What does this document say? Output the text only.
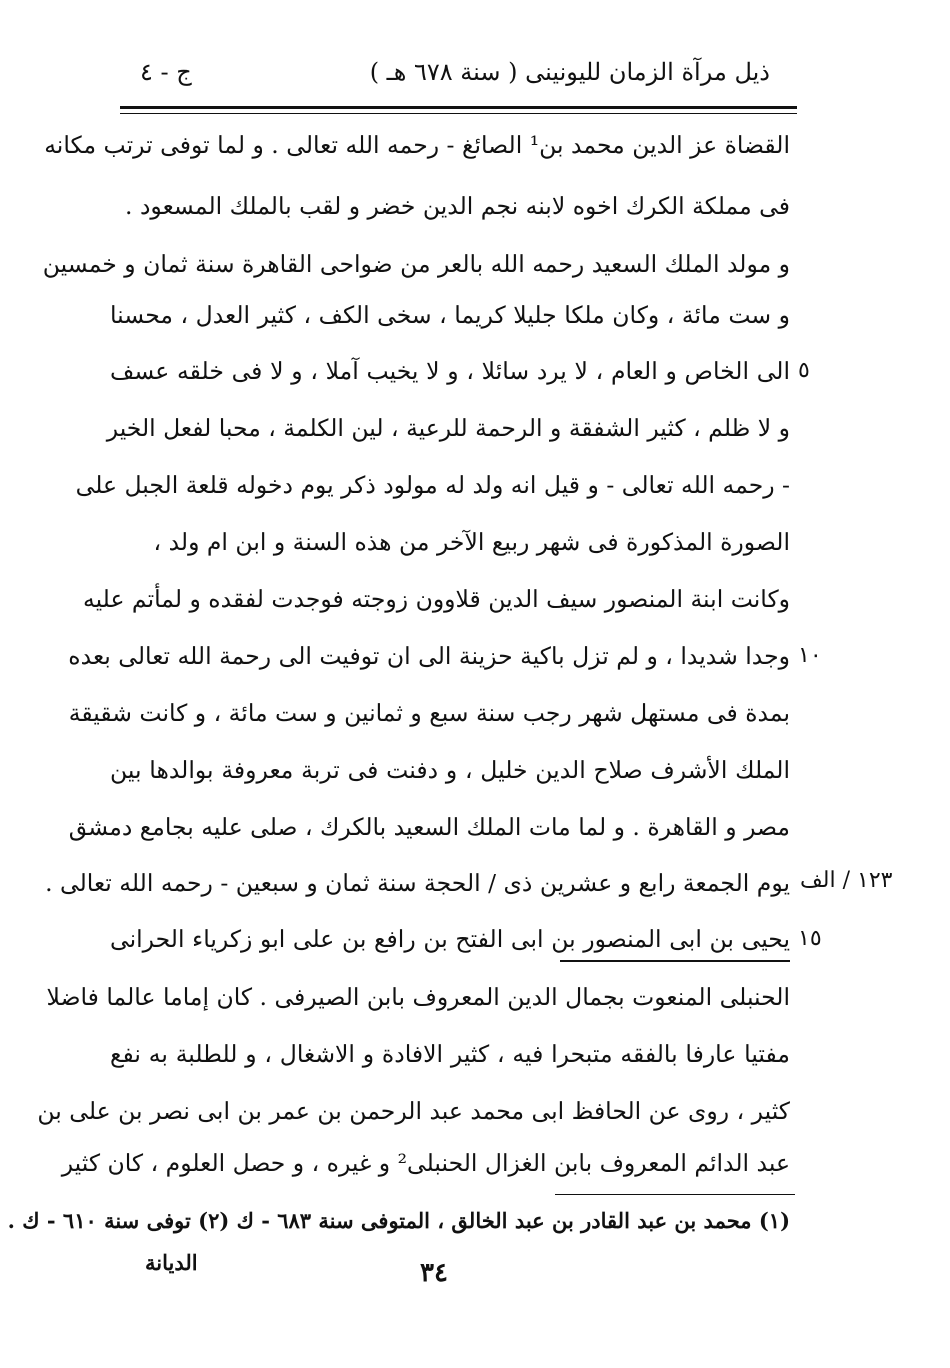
ذيل مرآة الزمان لليونينى ( سنة ٦٧٨ هـ )
ج - ٤
القضاة عز الدين محمد بن¹ الصائغ - رحمه الله تعالى . و لما توفى ترتب مكانه
فى مملكة الكرك اخوه لابنه نجم الدين خضر و لقب بالملك المسعود .
و مولد الملك السعيد رحمه الله بالعر من ضواحى القاهرة سنة ثمان و خمسين
و ست مائة ، وكان ملكا جليلا كريما ، سخى الكف ، كثير العدل ، محسنا
الى الخاص و العام ، لا يرد سائلا ، و لا يخيب آملا ، و لا فى خلقه عسف
و لا ظلم ، كثير الشفقة و الرحمة للرعية ، لين الكلمة ، محبا لفعل الخير
- رحمه الله تعالى - و قيل انه ولد له مولود ذكر يوم دخوله قلعة الجبل على
الصورة المذكورة فى شهر ربيع الآخر من هذه السنة و ابن ام ولد ،
وكانت ابنة المنصور سيف الدين قلاوون زوجته فوجدت لفقده و لمأتم عليه
وجدا شديدا ، و لم تزل باكية حزينة الى ان توفيت الى رحمة الله تعالى بعده
بمدة فى مستهل شهر رجب سنة سبع و ثمانين و ست مائة ، و كانت شقيقة
الملك الأشرف صلاح الدين خليل ، و دفنت فى تربة معروفة بوالدها بين
مصر و القاهرة . و لما مات الملك السعيد بالكرك ، صلى عليه بجامع دمشق
يوم الجمعة رابع و عشرين ذى / الحجة سنة ثمان و سبعين - رحمه الله تعالى .
يحيى بن ابى المنصور بن ابى الفتح بن رافع بن على ابو زكرياء الحرانى
الحنبلى المنعوت بجمال الدين المعروف بابن الصيرفى . كان إماما عالما فاضلا
مفتيا عارفا بالفقه متبحرا فيه ، كثير الافادة و الاشغال ، و للطلبة به نفع
كثير ، روى عن الحافظ ابى محمد عبد الرحمن بن عمر بن ابى نصر بن على بن
عبد الدائم المعروف بابن الغزال الحنبلى² و غيره ، و حصل العلوم ، كان كثير
٥
١٠
١٢٣ / الف
١٥
(١) محمد بن عبد القادر بن عبد الخالق ، المتوفى سنة ٦٨٣ - ك (٢) توفى سنة ٦١٠ - ك .
الديانة	٣٤
